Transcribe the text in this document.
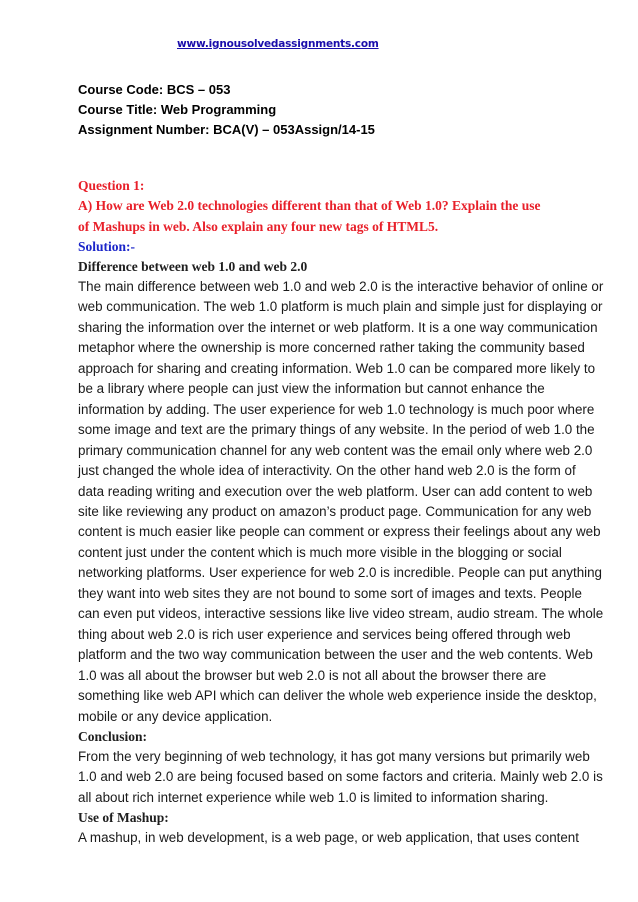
www.ignousolvedassignments.com
Course Code: BCS – 053
Course Title: Web Programming
Assignment Number: BCA(V) – 053Assign/14-15
Question 1:
A) How are Web 2.0 technologies different than that of Web 1.0? Explain the use
of Mashups in web. Also explain any four new tags of HTML5.
Solution:-
Difference between web 1.0 and web 2.0
The main difference between web 1.0 and web 2.0 is the interactive behavior of online or
web communication. The web 1.0 platform is much plain and simple just for displaying or
sharing the information over the internet or web platform. It is a one way communication
metaphor where the ownership is more concerned rather taking the community based
approach for sharing and creating information. Web 1.0 can be compared more likely to
be a library where people can just view the information but cannot enhance the
information by adding. The user experience for web 1.0 technology is much poor where
some image and text are the primary things of any website. In the period of web 1.0 the
primary communication channel for any web content was the email only where web 2.0
just changed the whole idea of interactivity. On the other hand web 2.0 is the form of
data reading writing and execution over the web platform. User can add content to web
site like reviewing any product on amazon’s product page. Communication for any web
content is much easier like people can comment or express their feelings about any web
content just under the content which is much more visible in the blogging or social
networking platforms. User experience for web 2.0 is incredible. People can put anything
they want into web sites they are not bound to some sort of images and texts. People
can even put videos, interactive sessions like live video stream, audio stream. The whole
thing about web 2.0 is rich user experience and services being offered through web
platform and the two way communication between the user and the web contents. Web
1.0 was all about the browser but web 2.0 is not all about the browser there are
something like web API which can deliver the whole web experience inside the desktop,
mobile or any device application.
Conclusion:
From the very beginning of web technology, it has got many versions but primarily web
1.0 and web 2.0 are being focused based on some factors and criteria. Mainly web 2.0 is
all about rich internet experience while web 1.0 is limited to information sharing.
Use of Mashup:
A mashup, in web development, is a web page, or web application, that uses content
